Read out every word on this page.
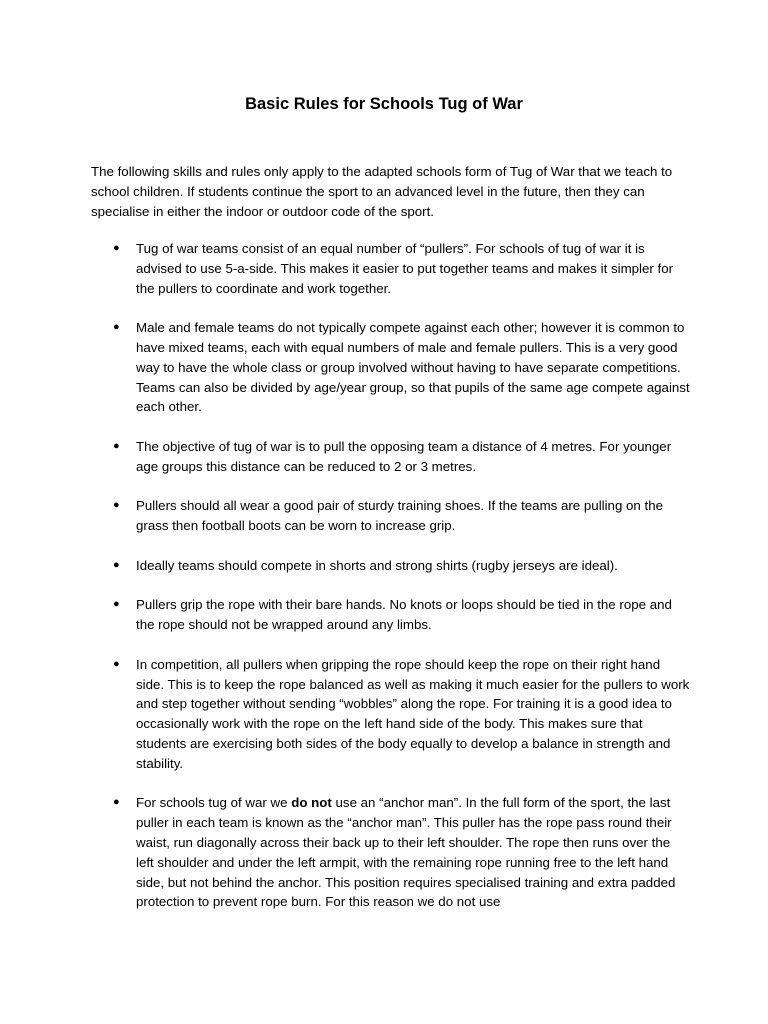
Basic Rules for Schools Tug of War

The following skills and rules only apply to the adapted schools form of Tug of War that we teach to school children. If students continue the sport to an advanced level in the future, then they can specialise in either the indoor or outdoor code of the sport.

● Tug of war teams consist of an equal number of “pullers”. For schools of tug of war it is advised to use 5-a-side. This makes it easier to put together teams and makes it simpler for the pullers to coordinate and work together.
● Male and female teams do not typically compete against each other; however it is common to have mixed teams, each with equal numbers of male and female pullers. This is a very good way to have the whole class or group involved without having to have separate competitions. Teams can also be divided by age/year group, so that pupils of the same age compete against each other.
● The objective of tug of war is to pull the opposing team a distance of 4 metres. For younger age groups this distance can be reduced to 2 or 3 metres.
● Pullers should all wear a good pair of sturdy training shoes. If the teams are pulling on the grass then football boots can be worn to increase grip.
● Ideally teams should compete in shorts and strong shirts (rugby jerseys are ideal).
● Pullers grip the rope with their bare hands. No knots or loops should be tied in the rope and the rope should not be wrapped around any limbs.
● In competition, all pullers when gripping the rope should keep the rope on their right hand side. This is to keep the rope balanced as well as making it much easier for the pullers to work and step together without sending “wobbles” along the rope. For training it is a good idea to occasionally work with the rope on the left hand side of the body. This makes sure that students are exercising both sides of the body equally to develop a balance in strength and stability.
● For schools tug of war we do not use an “anchor man”. In the full form of the sport, the last puller in each team is known as the “anchor man”. This puller has the rope pass round their waist, run diagonally across their back up to their left shoulder. The rope then runs over the left shoulder and under the left armpit, with the remaining rope running free to the left hand side, but not behind the anchor. This position requires specialised training and extra padded protection to prevent rope burn. For this reason we do not use
